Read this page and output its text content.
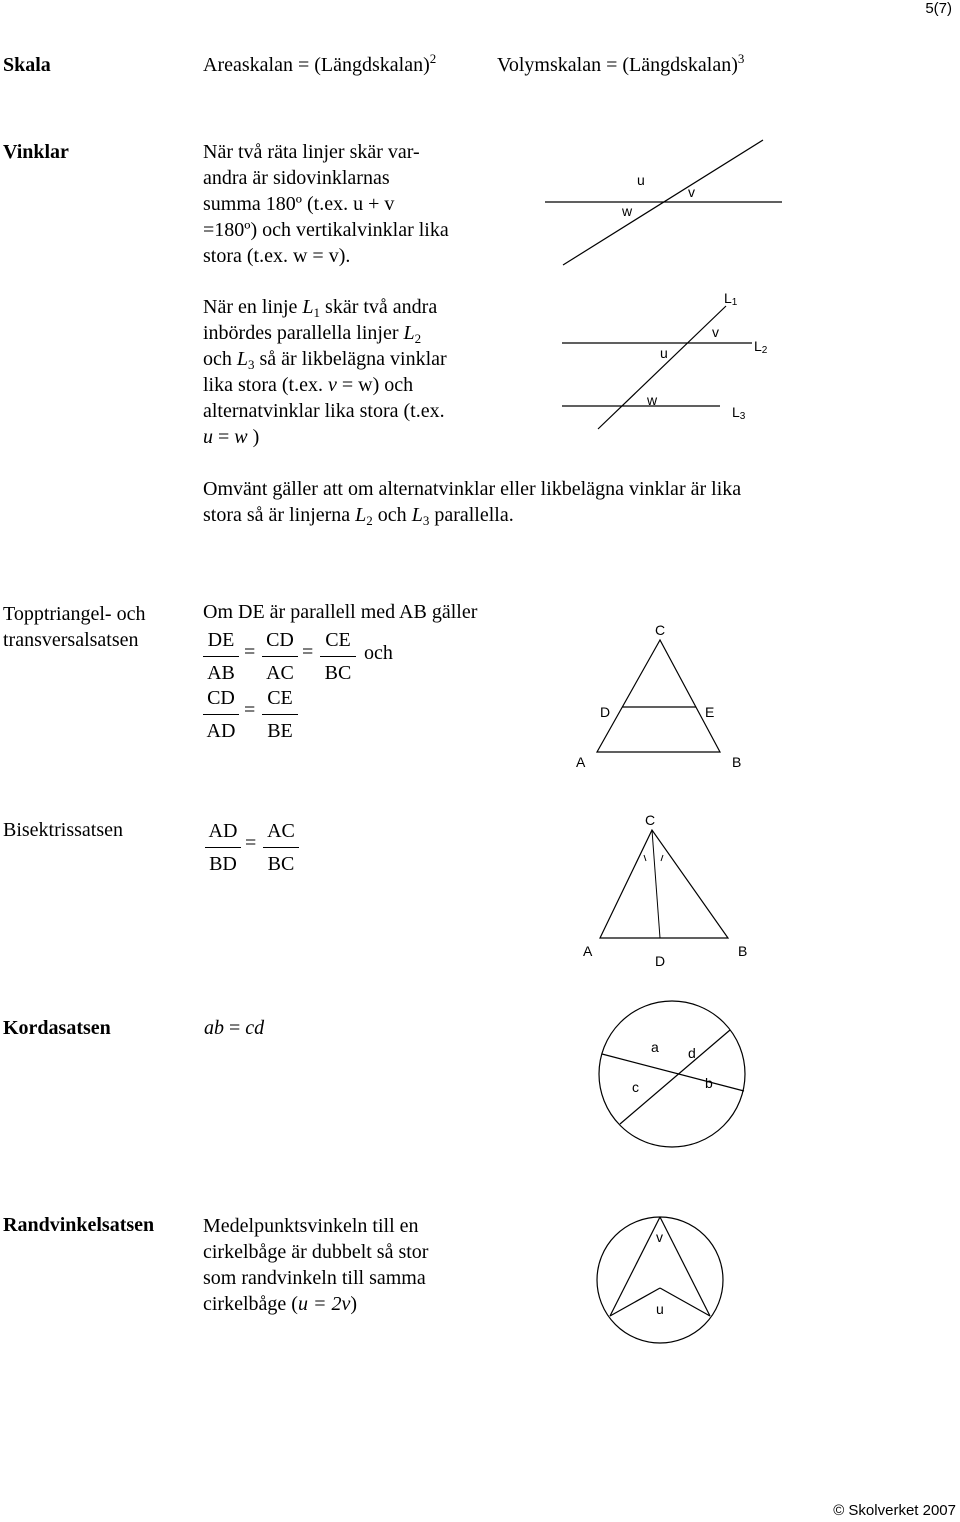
5(7)
Skala	Areaskalan = (Längdskalan)$^2$	Volymskalan = (Längdskalan)$^3$
Vinklar	När två räta linjer skär var-
andra är sidovinklarnas
summa 180º (t.ex. u + v
=180º) och vertikalvinklar lika
stora (t.ex. w = v).
u
v
w
När en linje $L_1$ skär två andra
inbördes parallella linjer $L_2$
och $L_3$ så är likbelägna vinklar
lika stora (t.ex. v = w) och
alternatvinklar lika stora (t.ex.
u = w )
L1
L2
L3
v
u
w
Omvänt gäller att om alternatvinklar eller likbelägna vinklar är lika
stora så är linjerna $L_2$ och $L_3$ parallella.
Topptriangel- och
transversalsatsen
Om DE är parallell med AB gäller
DE
AB
=
CD
AC
=
CE
BC
och
CD
AD
=
CE
BE
C
D	E
A	B
Bisektrissatsen	AD
BD
=
AC
BC
C
A
D
B
Kordasatsen	ab = cd
a d
c	b
Randvinkelsatsen Medelpunktsvinkeln till en
cirkelbåge är dubbelt så stor
som randvinkeln till samma
cirkelbåge (u = 2v)
v
u
© Skolverket 2007
